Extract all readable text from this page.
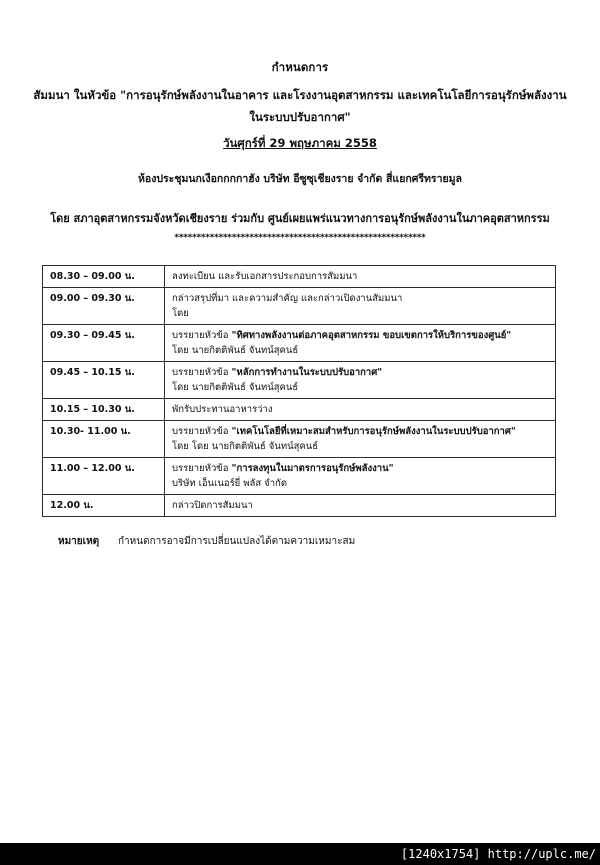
กำหนดการ
สัมมนา ในหัวข้อ "การอนุรักษ์พลังงานในอาคาร และโรงงานอุตสาหกรรม และเทคโนโลยีการอนุรักษ์พลังงานในระบบปรับอากาศ"
วันศุกร์ที่ 29 พฤษภาคม 2558
ห้องประชุมนกเงือกกกกาฮัง บริษัท อีซูซุเชียงราย จำกัด สี่แยกศรีทรายมูล
โดย สภาอุตสาหกรรมจังหวัดเชียงราย ร่วมกับ ศูนย์เผยแพร่แนวทางการอนุรักษ์พลังงานในภาคอุตสาหกรรม
*********************************************************
08.30 – 09.00 น.	ลงทะเบียน และรับเอกสารประกอบการสัมมนา

09.00 – 09.30 น.	กล่าวสรุปที่มา และความสำคัญ และกล่าวเปิดงานสัมมนา
โดย

09.30 – 09.45 น.	บรรยายหัวข้อ "ทิศทางพลังงานต่อภาคอุตสาหกรรม ขอบเขตการให้บริการของศูนย์"
โดย นายกิตติพันธ์ จันทน์สุคนธ์

09.45 – 10.15 น.	บรรยายหัวข้อ "หลักการทำงานในระบบปรับอากาศ"
โดย นายกิตติพันธ์ จันทน์สุคนธ์

10.15 – 10.30 น.	พักรับประทานอาหารว่าง

10.30- 11.00 น.	บรรยายหัวข้อ "เทคโนโลยีที่เหมาะสมสำหรับการอนุรักษ์พลังงานในระบบปรับอากาศ"
โดย โดย นายกิตติพันธ์ จันทน์สุคนธ์

11.00 – 12.00 น.	บรรยายหัวข้อ "การลงทุนในมาตรการอนุรักษ์พลังงาน"
บริษัท เอ็นเนอร์ยี่ พลัส จำกัด

12.00 น.	กล่าวปิดการสัมมนา
หมายเหตุ	กำหนดการอาจมีการเปลี่ยนแปลงได้ตามความเหมาะสม
[1240x1754] http://uplc.me/
